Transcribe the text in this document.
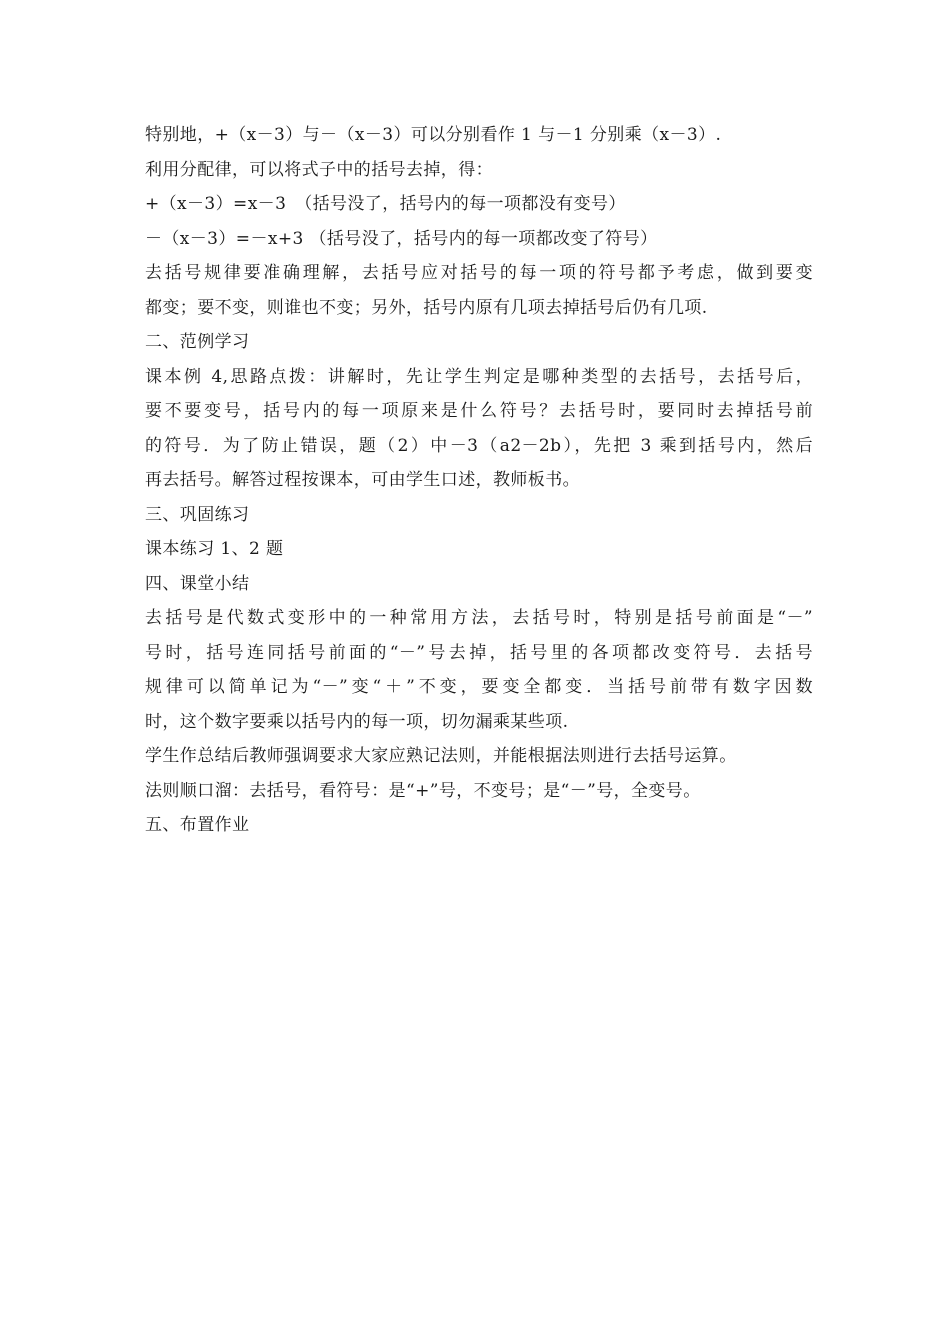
特别地，+（x－3）与－（x－3）可以分别看作 1 与－1 分别乘（x－3）.
利用分配律，可以将式子中的括号去掉，得：
+（x－3）=x－3　（括号没了，括号内的每一项都没有变号）
－（x－3）=－x+3 （括号没了，括号内的每一项都改变了符号）
去括号规律要准确理解，去括号应对括号的每一项的符号都予考虑，做到要变
都变；要不变，则谁也不变；另外，括号内原有几项去掉括号后仍有几项.
二、范例学习
课本例 4,思路点拨：讲解时，先让学生判定是哪种类型的去括号，去括号后，
要不要变号，括号内的每一项原来是什么符号？去括号时，要同时去掉括号前
的符号．为了防止错误，题（2）中－3（a2－2b），先把 3 乘到括号内，然后
再去括号。解答过程按课本，可由学生口述，教师板书。
三、巩固练习
课本练习 1、2 题
四、课堂小结
去括号是代数式变形中的一种常用方法，去括号时，特别是括号前面是“－”
号时，括号连同括号前面的“－”号去掉，括号里的各项都改变符号．去括号
规律可以简单记为“－”变“＋”不变，要变全都变．当括号前带有数字因数
时，这个数字要乘以括号内的每一项，切勿漏乘某些项.
学生作总结后教师强调要求大家应熟记法则，并能根据法则进行去括号运算。
法则顺口溜：去括号，看符号：是“+”号，不变号；是“－”号，全变号。
五、布置作业
